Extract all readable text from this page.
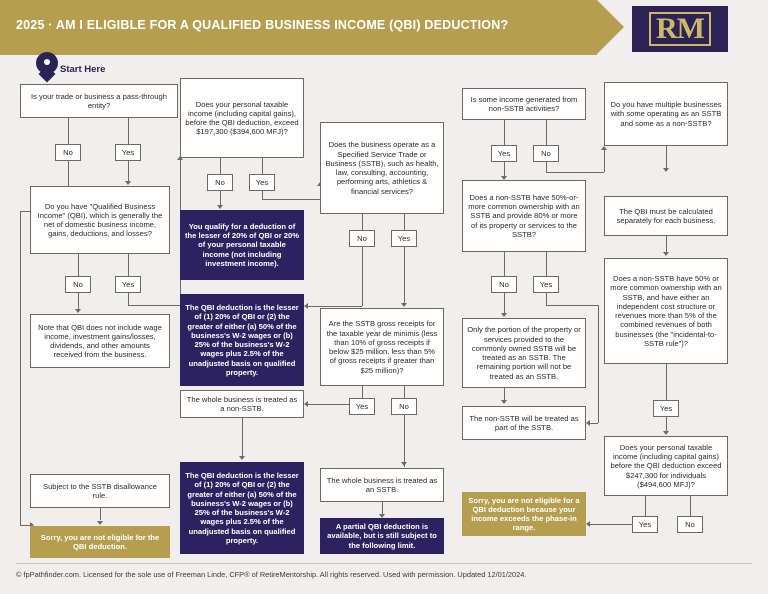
2025 · AM I ELIGIBLE FOR A QUALIFIED BUSINESS INCOME (QBI) DEDUCTION?	RM
Start Here
Is your trade or business a pass-through entity?
No	Yes
Do you have "Qualified Business Income" (QBI), which is generally the net of domestic business income, gains, deductions, and losses?
No	Yes
Note that QBI does not include wage income, investment gains/losses, dividends, and other amounts received from the business.
Subject to the SSTB disallowance rule.
Sorry, you are not eligible for the QBI deduction.
Does your personal taxable income (including capital gains), before the QBI deduction, exceed $197,300 ($394,600 MFJ)?
No	Yes
You qualify for a deduction of the lesser of 20% of QBI or 20% of your personal taxable income (not including investment income).
The QBI deduction is the lesser of (1) 20% of QBI or (2) the greater of either (a) 50% of the business's W-2 wages or (b) 25% of the business's W-2 wages plus 2.5% of the unadjusted basis on qualified property.
The whole business is treated as a non-SSTB.
The QBI deduction is the lesser of (1) 20% of QBI or (2) the greater of either (a) 50% of the business's W-2 wages or (b) 25% of the business's W-2 wages plus 2.5% of the unadjusted basis on qualified property.
Does the business operate as a Specified Service Trade or Business (SSTB), such as health, law, consulting, accounting, performing arts, athletics & financial services?
No	Yes
Are the SSTB gross receipts for the taxable year de minimis (less than 10% of gross receipts if below $25 million, less than 5% of gross receipts if greater than $25 million)?
Yes	No
The whole business is treated as an SSTB.
A partial QBI deduction is available, but is still subject to the following limit.
Is some income generated from non-SSTB activities?
Yes	No
Does a non-SSTB have 50%-or-more common ownership with an SSTB and provide 80% or more of its property or services to the SSTB?
No	Yes
Only the portion of the property or services provided to the commonly owned SSTB will be treated as an SSTB. The remaining portion will not be treated as an SSTB.
The non-SSTB will be treated as part of the SSTB.
Sorry, you are not eligible for a QBI deduction because your income exceeds the phase-in range.
Do you have multiple businesses with some operating as an SSTB and some as a non-SSTB?
The QBI must be calculated separately for each business.
Does a non-SSTB have 50% or more common ownership with an SSTB, and have either an independent cost structure or revenues more than 5% of the combined revenues of both businesses (the "incidental-to-SSTB rule")?
Yes
Does your personal taxable income (including capital gains) before the QBI deduction exceed $247,300 for individuals ($494,600 MFJ)?
Yes	No
© fpPathfinder.com. Licensed for the sole use of Freeman Linde, CFP® of RetireMentorship. All rights reserved. Used with permission. Updated 12/01/2024.
